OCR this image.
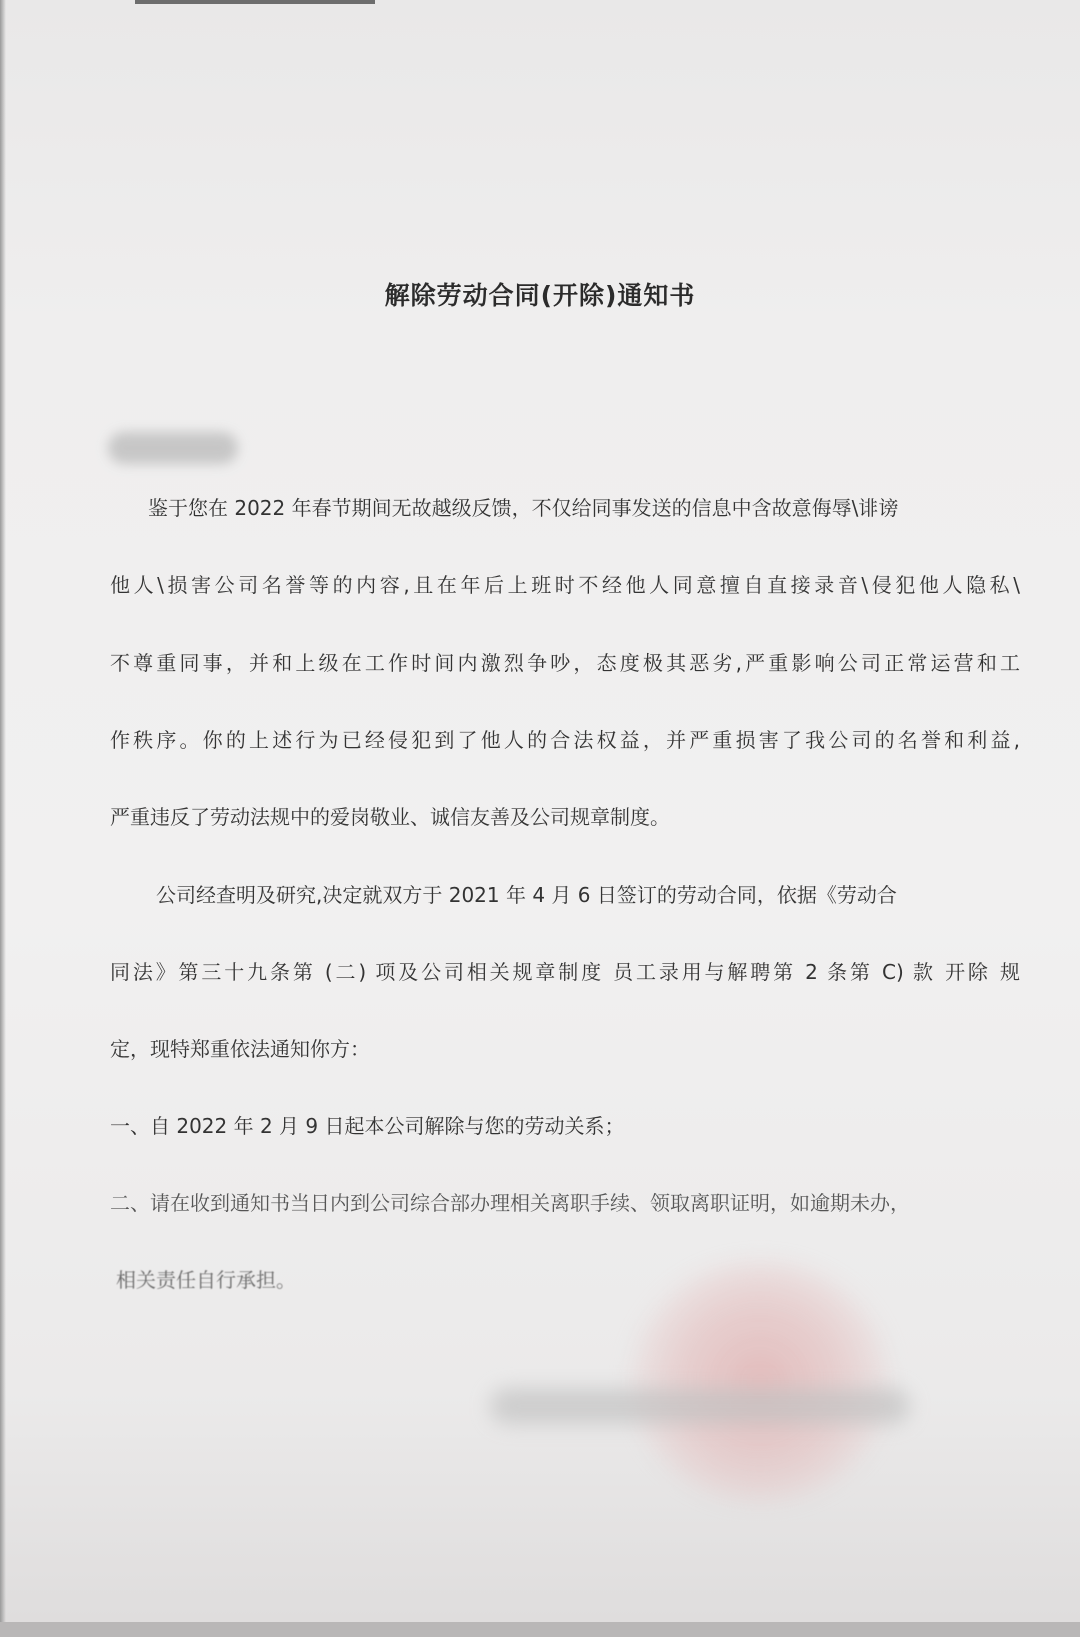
解除劳动合同(开除)通知书
鉴于您在 2022 年春节期间无故越级反馈，不仅给同事发送的信息中含故意侮辱\诽谤
他人\损害公司名誉等的内容,且在年后上班时不经他人同意擅自直接录音\侵犯他人隐私\
不尊重同事，并和上级在工作时间内激烈争吵，态度极其恶劣,严重影响公司正常运营和工
作秩序。你的上述行为已经侵犯到了他人的合法权益，并严重损害了我公司的名誉和利益,
严重违反了劳动法规中的爱岗敬业、诚信友善及公司规章制度。
公司经查明及研究,决定就双方于 2021 年 4 月 6 日签订的劳动合同，依据《劳动合
同法》第三十九条第 (二) 项及公司相关规章制度 员工录用与解聘第 2 条第 C) 款 开除 规
定，现特郑重依法通知你方：
一、自 2022 年 2 月 9 日起本公司解除与您的劳动关系；
二、请在收到通知书当日内到公司综合部办理相关离职手续、领取离职证明，如逾期未办，
相关责任自行承担。
